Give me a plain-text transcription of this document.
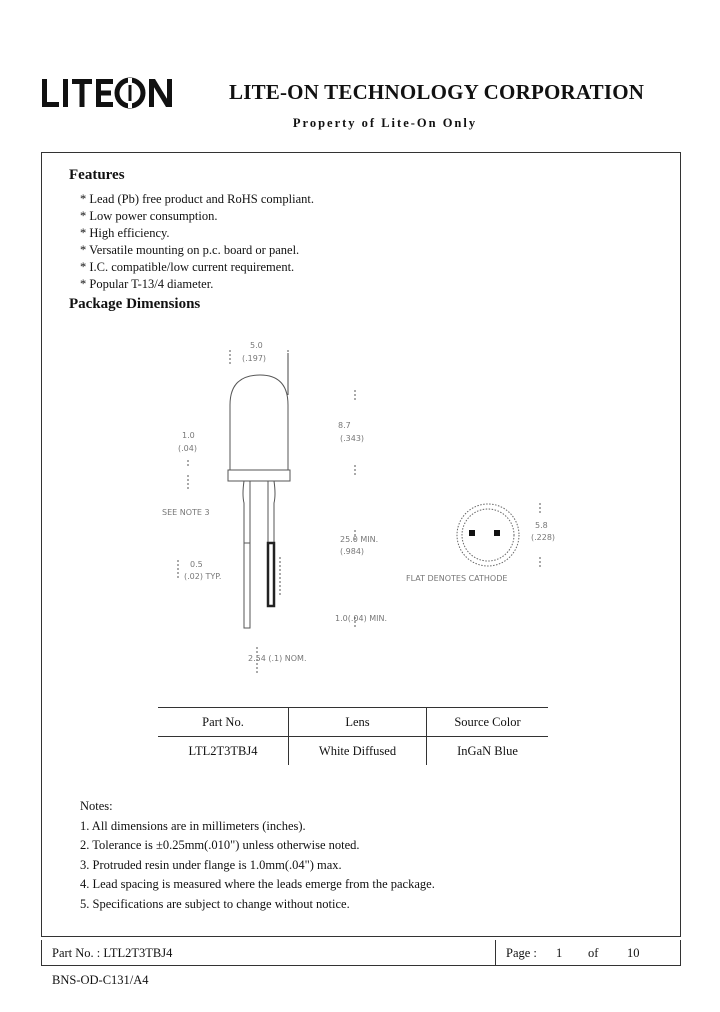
LITE-ON TECHNOLOGY CORPORATION
Property of Lite-On Only
Features
* Lead (Pb) free product and RoHS compliant.
* Low power consumption.
* High efficiency.
* Versatile mounting on p.c. board or panel.
* I.C. compatible/low current requirement.
* Popular T-13/4 diameter.
Package Dimensions
5.0
(.197)
8.7
(.343)
1.0
(.04)
SEE NOTE 3
0.5
(.02) TYP.
25.0 MIN.
(.984)
1.0(.04) MIN.
2.54 (.1) NOM.
5.8
(.228)
FLAT DENOTES CATHODE
Part No.	Lens	Source Color
LTL2T3TBJ4	White Diffused	InGaN Blue
Notes:
1. All dimensions are in millimeters (inches).
2. Tolerance is ±0.25mm(.010") unless otherwise noted.
3. Protruded resin under flange is 1.0mm(.04") max.
4. Lead spacing is measured where the leads emerge from the package.
5. Specifications are subject to change without notice.
Part No. : LTL2T3TBJ4	Page : 1 of 10
BNS-OD-C131/A4
